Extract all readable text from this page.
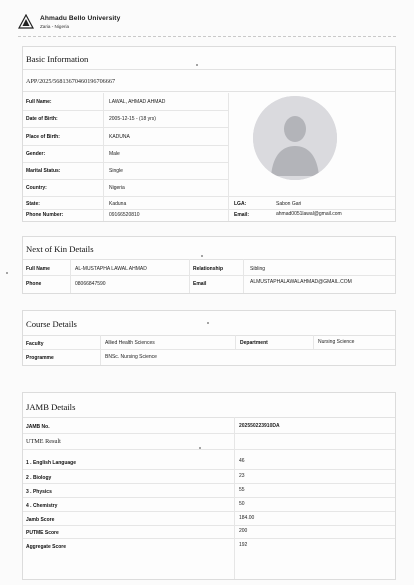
Ahmadu Bello University
Zaria - Nigeria
Basic Information
APP/2025/56813670460196706667
Full Name:	LAWAL, AHMAD AHMAD
Date of Birth:	2005-12-15 - (18 yrs)
Place of Birth:	KADUNA
Gender:	Male
Marital Status:	Single
Country:	Nigeria
State:	Kaduna	LGA:	Sabon Gari
Phone Number:	09166520810	Email:	ahmad0051lawal@gmail.com
Next of Kin Details
Full Name	AL-MUSTAPHA LAWAL AHMAD	Relationship	Sibling
Phone	08066847590	Email	ALMUSTAPHALAWALAHMAD@GMAIL.COM
Course Details
Faculty	Allied Health Sciences	Department	Nursing Science
Programme	BNSc. Nursing Science
JAMB Details
JAMB No.	202550223910DA
UTME Result
1 . English Language	46
2 . Biology	23
3 . Physics	55
4 . Chemistry	50
Jamb Score	184.00
PUTME Score	200
Aggregate Score	192
